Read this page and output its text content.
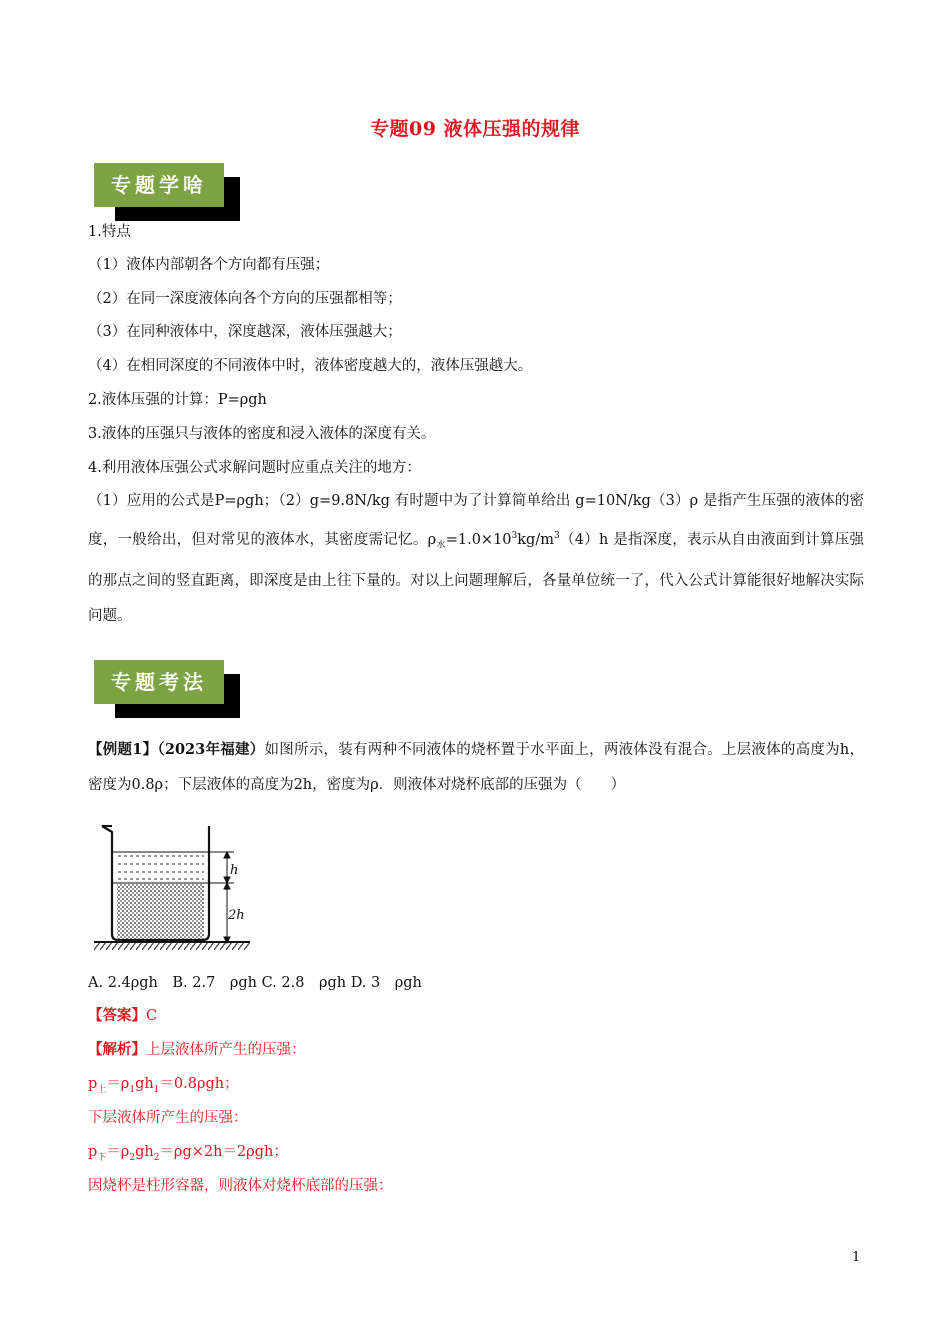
专题09 液体压强的规律
专题学啥
1.特点
（1）液体内部朝各个方向都有压强；
（2）在同一深度液体向各个方向的压强都相等；
（3）在同种液体中，深度越深，液体压强越大；
（4）在相同深度的不同液体中时，液体密度越大的，液体压强越大。
2.液体压强的计算：P=ρgh
3.液体的压强只与液体的密度和浸入液体的深度有关。
4.利用液体压强公式求解问题时应重点关注的地方：
（1）应用的公式是P=ρgh；（2）g=9.8N/kg 有时题中为了计算简单给出 g=10N/kg（3）ρ 是指产生压强的液体的密度，一般给出，但对常见的液体水，其密度需记忆。$\rho_水=1.0\times 10^3kg/m^3(4)h$ 是指深度，表示从自由液面到计算压强的那点之间的竖直距离，即深度是由上往下量的。对以上问题理解后，各量单位统一了，代入公式计算能很好地解决实际问题。
专题考法
【例题1】（2023年福建）如图所示，装有两种不同液体的烧杯置于水平面上，两液体没有混合。上层液体的高度为h，密度为0.8ρ；下层液体的高度为2h，密度为ρ．则液体对烧杯底部的压强为（　　）
h
2h
A. 2.4ρgh　B. 2.7　ρgh C. 2.8　ρgh D. 3　ρgh
【答案】C
【解析】上层液体所产生的压强：
$p_上=\rho_1gh_1=0.8\rho gh$；
下层液体所产生的压强：
$p_下=\rho_2gh_2=\rho g\times 2h=2\rho gh$；
因烧杯是柱形容器，则液体对烧杯底部的压强：
1
